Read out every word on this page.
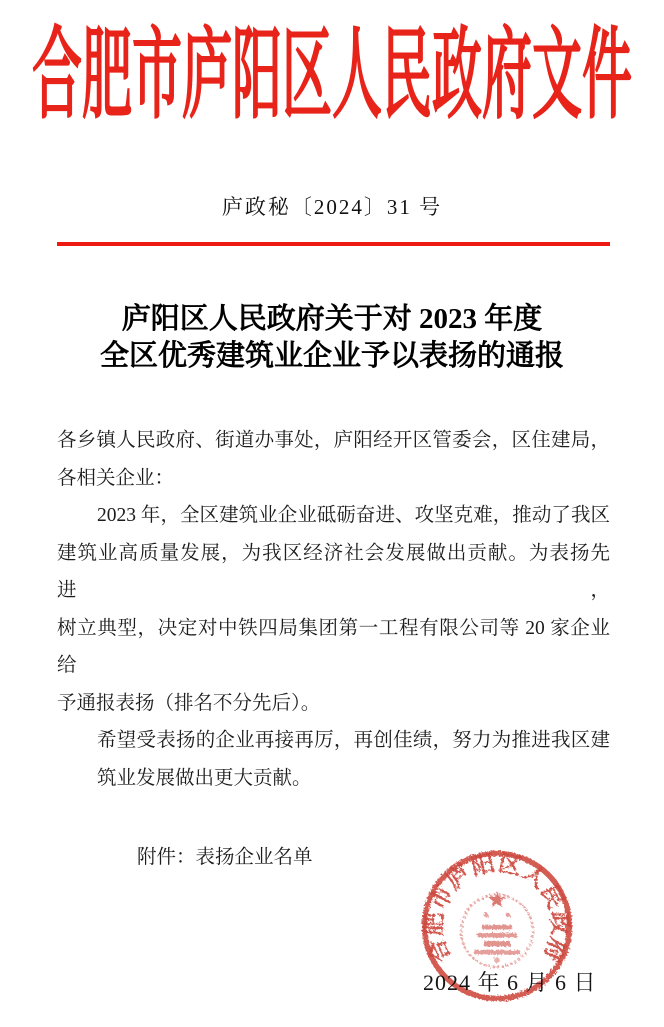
合肥市庐阳区人民政府文件
庐政秘〔2024〕31 号
庐阳区人民政府关于对 2023 年度
全区优秀建筑业企业予以表扬的通报
各乡镇人民政府、街道办事处，庐阳经开区管委会，区住建局，
各相关企业：
2023 年，全区建筑业企业砥砺奋进、攻坚克难，推动了我区
建筑业高质量发展，为我区经济社会发展做出贡献。为表扬先进，
树立典型，决定对中铁四局集团第一工程有限公司等 20 家企业给
予通报表扬（排名不分先后）。
希望受表扬的企业再接再厉，再创佳绩，努力为推进我区建
筑业发展做出更大贡献。
附件：表扬企业名单
2024 年 6 月 6 日
合肥市庐阳区人民政府
